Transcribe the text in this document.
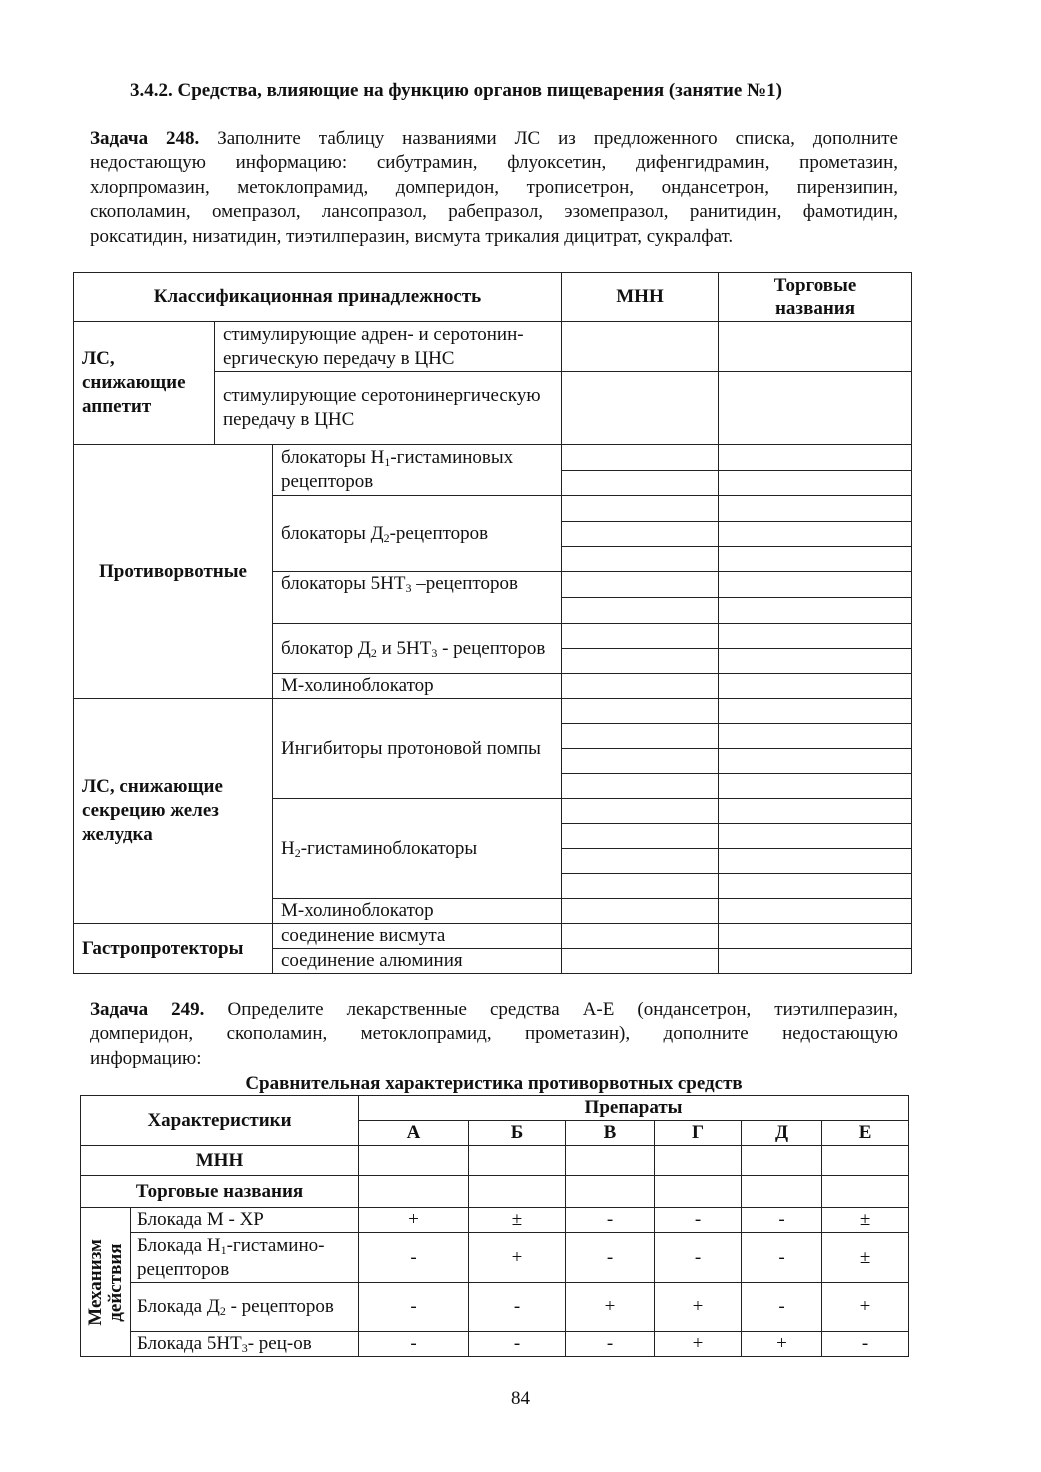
3.4.2. Средства, влияющие на функцию органов пищеварения (занятие №1)
Задача 248. Заполните таблицу названиями ЛС из предложенного списка, дополните
недостающую информацию: сибутрамин, флуоксетин, дифенгидрамин, прометазин,
хлорпромазин, метоклопрамид, домперидон, трописетрон, ондансетрон, пирензипин,
скополамин, омепразол, лансопразол, рабепразол, эзомепразол, ранитидин, фамотидин,
роксатидин, низатидин, тиэтилперазин, висмута трикалия дицитрат, сукралфат.
Классификационная принадлежность			МНН	Торговые
названия
ЛС, снижающие аппетит	стимулирующие адрен- и серотонин-ергическую передачу в ЦНС			
	стимулирующие серотонинергическую передачу в ЦНС			
Противорвотные		блокаторы $H_1$-гистаминовых рецепторов		

		блокаторы $Д_2$-рецепторов		

		блокаторы $5НТ_3$ –рецепторов		

		блокатор $Д_2$ и $5НТ_3$ - рецепторов		

		М-холиноблокатор		
ЛС, снижающие секрецию желез желудка		Ингибиторы протоновой помпы		

		$H_2$-гистаминоблокаторы		

		М-холиноблокатор		
Гастропротекторы		соединение висмута		
		соединение алюминия		
Задача 249. Определите лекарственные средства А-Е (ондансетрон, тиэтилперазин,
домперидон, скополамин, метоклопрамид, прометазин), дополните недостающую
информацию:
Сравнительная характеристика противорвотных средств
Характеристики		Препараты					
		А	Б	В	Г	Д	Е
МНН							
Торговые названия							

Механизм
действия	Блокада М - ХР	+	±	-	-	-	±
	Блокада $H_1-гистамино$-рецепторов	-	+	-	-	-	±
	Блокада $Д_2$ - рецепторов	-	-	+	+	-	+
	Блокада $5НТ_3-$ рец-ов	-	-	-	+	+	-
84
